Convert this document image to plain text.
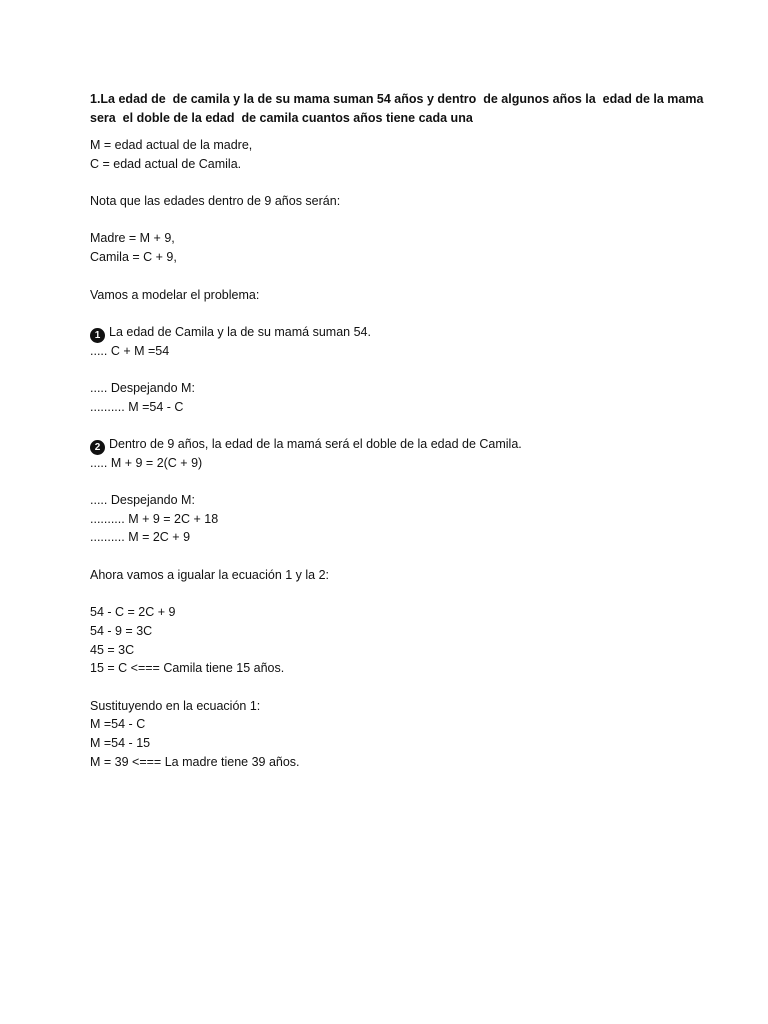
1.La edad de  de camila y la de su mama suman 54 años y dentro  de algunos años la  edad de la mama
sera  el doble de la edad  de camila cuantos años tiene cada una
M = edad actual de la madre,
C = edad actual de Camila.
Nota que las edades dentro de 9 años serán:
Madre = M + 9,
Camila = C + 9,
Vamos a modelar el problema:
1 La edad de Camila y la de su mamá suman 54.
..... C + M =54
..... Despejando M:
.......... M =54 - C
2 Dentro de 9 años, la edad de la mamá será el doble de la edad de Camila.
..... M + 9 = 2(C + 9)
..... Despejando M:
.......... M + 9 = 2C + 18
.......... M = 2C + 9
Ahora vamos a igualar la ecuación 1 y la 2:
54 - C = 2C + 9
54 - 9 = 3C
45 = 3C
15 = C <=== Camila tiene 15 años.
Sustituyendo en la ecuación 1:
M =54 - C
M =54 - 15
M = 39 <=== La madre tiene 39 años.
